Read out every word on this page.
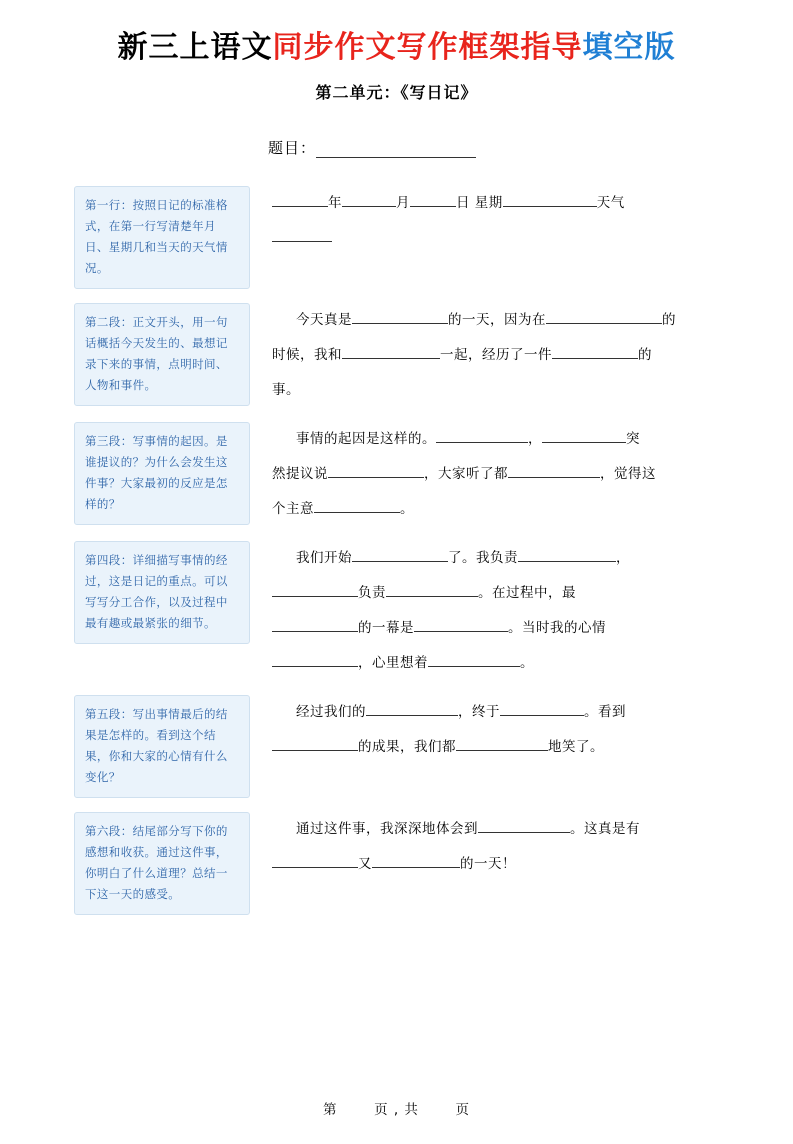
新三上语文同步作文写作框架指导填空版
第二单元：《写日记》
题目：
第一行：按照日记的标准格式，在第一行写清楚年月日、星期几和当天的天气情况。
年	月	日 星期	天气
第二段：正文开头，用一句话概括今天发生的、最想记录下来的事情，点明时间、人物和事件。
今天真是	的一天，因为在	的
时候，我和	一起，经历了一件	的
事。
第三段：写事情的起因。是谁提议的？为什么会发生这件事？大家最初的反应是怎样的？
事情的起因是这样的。	，	突
然提议说	，大家听了都	，觉得这
个主意	。
第四段：详细描写事情的经过，这是日记的重点。可以写写分工合作，以及过程中最有趣或最紧张的细节。
我们开始	了。我负责	，
负责	。在过程中，最
的一幕是	。当时我的心情
，心里想着	。
第五段：写出事情最后的结果是怎样的。看到这个结果，你和大家的心情有什么变化？
经过我们的	，终于	。看到
的成果，我们都	地笑了。
第六段：结尾部分写下你的感想和收获。通过这件事，你明白了什么道理？总结一下这一天的感受。
通过这件事，我深深地体会到	。这真是有
又	的一天！
第	页 , 共	页
